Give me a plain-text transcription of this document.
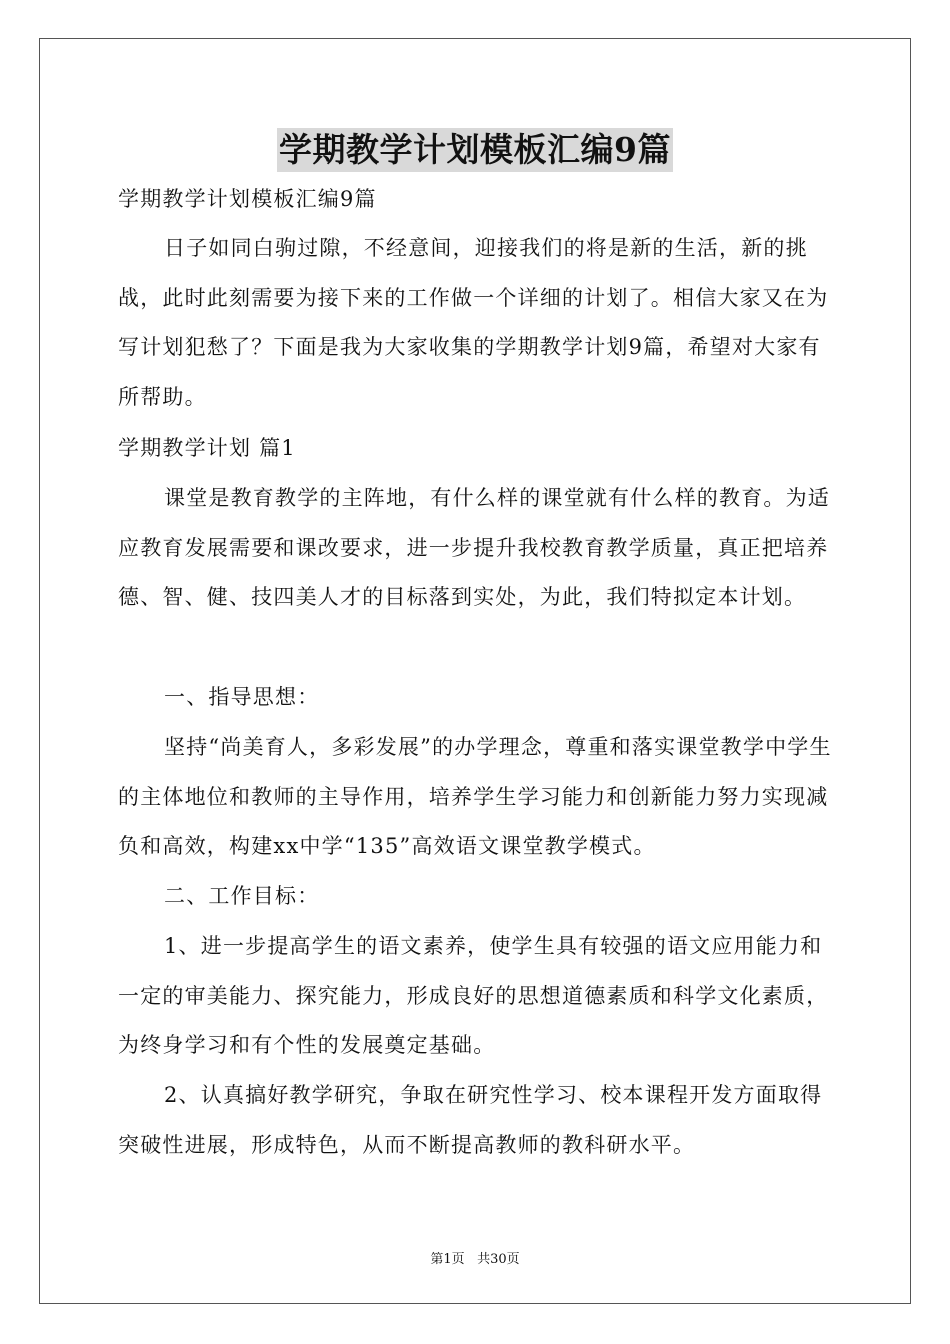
学期教学计划模板汇编9篇

学期教学计划模板汇编9篇

日子如同白驹过隙，不经意间，迎接我们的将是新的生活，新的挑战，此时此刻需要为接下来的工作做一个详细的计划了。相信大家又在为写计划犯愁了？下面是我为大家收集的学期教学计划9篇，希望对大家有所帮助。

学期教学计划 篇1

课堂是教育教学的主阵地，有什么样的课堂就有什么样的教育。为适应教育发展需要和课改要求，进一步提升我校教育教学质量，真正把培养德、智、健、技四美人才的目标落到实处，为此，我们特拟定本计划。

一、指导思想：

坚持“尚美育人，多彩发展”的办学理念，尊重和落实课堂教学中学生的主体地位和教师的主导作用，培养学生学习能力和创新能力努力实现减负和高效，构建xx中学“135”高效语文课堂教学模式。

二、工作目标：

1、进一步提高学生的语文素养，使学生具有较强的语文应用能力和一定的审美能力、探究能力，形成良好的思想道德素质和科学文化素质，为终身学习和有个性的发展奠定基础。

2、认真搞好教学研究，争取在研究性学习、校本课程开发方面取得突破性进展，形成特色，从而不断提高教师的教科研水平。

第1页 共30页
